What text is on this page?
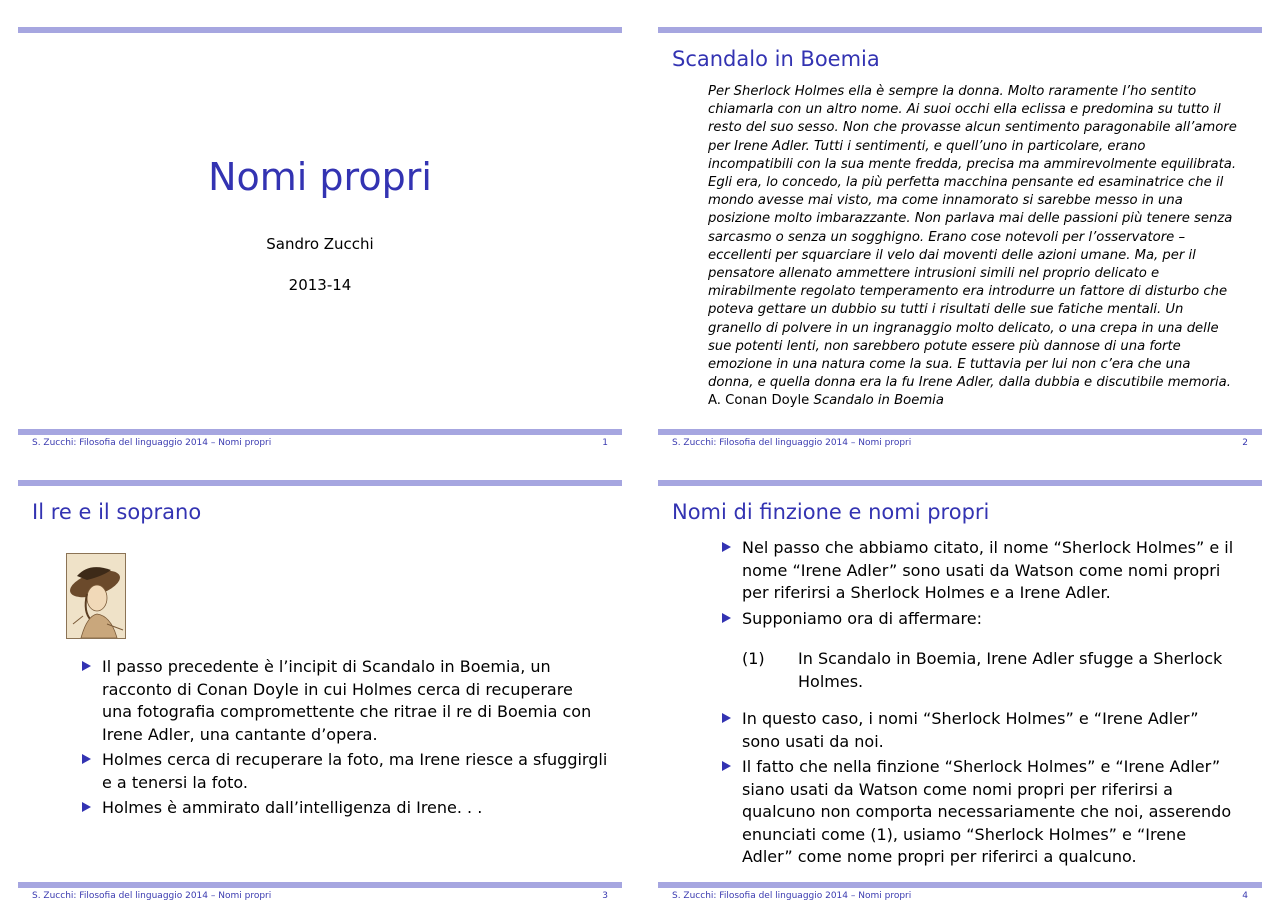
Nomi propri
Sandro Zucchi
2013-14
S. Zucchi: Filosofia del linguaggio 2014 – Nomi propri	1
Scandalo in Boemia
Per Sherlock Holmes ella è sempre la donna. Molto raramente l’ho sentito
chiamarla con un altro nome. Ai suoi occhi ella eclissa e predomina su tutto il
resto del suo sesso. Non che provasse alcun sentimento paragonabile all’amore
per Irene Adler. Tutti i sentimenti, e quell’uno in particolare, erano
incompatibili con la sua mente fredda, precisa ma ammirevolmente equilibrata.
Egli era, lo concedo, la più perfetta macchina pensante ed esaminatrice che il
mondo avesse mai visto, ma come innamorato si sarebbe messo in una
posizione molto imbarazzante. Non parlava mai delle passioni più tenere senza
sarcasmo o senza un sogghigno. Erano cose notevoli per l’osservatore –
eccellenti per squarciare il velo dai moventi delle azioni umane. Ma, per il
pensatore allenato ammettere intrusioni simili nel proprio delicato e
mirabilmente regolato temperamento era introdurre un fattore di disturbo che
poteva gettare un dubbio su tutti i risultati delle sue fatiche mentali. Un
granello di polvere in un ingranaggio molto delicato, o una crepa in una delle
sue potenti lenti, non sarebbero potute essere più dannose di una forte
emozione in una natura come la sua. E tuttavia per lui non c’era che una
donna, e quella donna era la fu Irene Adler, dalla dubbia e discutibile memoria.
A. Conan Doyle Scandalo in Boemia
S. Zucchi: Filosofia del linguaggio 2014 – Nomi propri	2
Il re e il soprano
Il passo precedente è l’incipit di Scandalo in Boemia, un
racconto di Conan Doyle in cui Holmes cerca di recuperare
una fotografia compromettente che ritrae il re di Boemia con
Irene Adler, una cantante d’opera.
Holmes cerca di recuperare la foto, ma Irene riesce a sfuggirgli
e a tenersi la foto.
Holmes è ammirato dall’intelligenza di Irene. . .
S. Zucchi: Filosofia del linguaggio 2014 – Nomi propri	3
Nomi di finzione e nomi propri
Nel passo che abbiamo citato, il nome “Sherlock Holmes” e il
nome “Irene Adler” sono usati da Watson come nomi propri
per riferirsi a Sherlock Holmes e a Irene Adler.
Supponiamo ora di affermare:
(1) In Scandalo in Boemia, Irene Adler sfugge a Sherlock
Holmes.
In questo caso, i nomi “Sherlock Holmes” e “Irene Adler”
sono usati da noi.
Il fatto che nella finzione “Sherlock Holmes” e “Irene Adler”
siano usati da Watson come nomi propri per riferirsi a
qualcuno non comporta necessariamente che noi, asserendo
enunciati come (1), usiamo “Sherlock Holmes” e “Irene
Adler” come nome propri per riferirci a qualcuno.
S. Zucchi: Filosofia del linguaggio 2014 – Nomi propri	4
